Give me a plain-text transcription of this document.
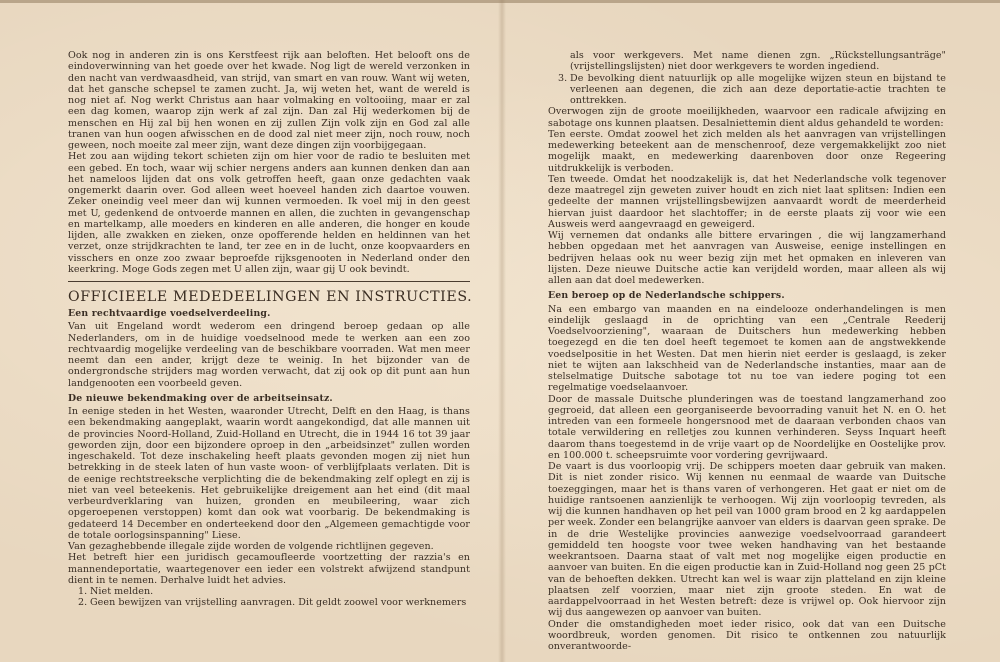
Ook nog in anderen zin is ons Kerstfeest rijk aan beloften. Het belooft ons de eindoverwinning van het goede over het kwade. Nog ligt de wereld verzonken in den nacht van verdwaasdheid, van strijd, van smart en van rouw. Want wij weten, dat het gansche schepsel te zamen zucht. Ja, wij weten het, want de wereld is nog niet af. Nog werkt Christus aan haar volmaking en voltooiing, maar er zal een dag komen, waarop zijn werk af zal zijn. Dan zal Hij wederkomen bij de menschen en Hij zal bij hen wonen en zij zullen Zijn volk zijn en God zal alle tranen van hun oogen afwisschen en de dood zal niet meer zijn, noch rouw, noch geween, noch moeite zal meer zijn, want deze dingen zijn voorbijgegaan.

Het zou aan wijding tekort schieten zijn om hier voor de radio te besluiten met een gebed. En toch, waar wij schier nergens anders aan kunnen denken dan aan het nameloos lijden dat ons volk getroffen heeft, gaan onze gedachten vaak ongemerkt daarin over. God alleen weet hoeveel handen zich daartoe vouwen. Zeker oneindig veel meer dan wij kunnen vermoeden. Ik voel mij in den geest met U, gedenkend de ontvoerde mannen en allen, die zuchten in gevangenschap en martelkamp, alle moeders en kinderen en alle anderen, die honger en koude lijden, alle zwakken en zieken, onze opofferende helden en heldinnen van het verzet, onze strijdkrachten te land, ter zee en in de lucht, onze koopvaarders en visschers en onze zoo zwaar beproefde rijksgenooten in Nederland onder den keerkring. Moge Gods zegen met U allen zijn, waar gij U ook bevindt.

OFFICIEELE MEDEDEELINGEN EN INSTRUCTIES.
Een rechtvaardige voedselverdeeling.

Van uit Engeland wordt wederom een dringend beroep gedaan op alle Nederlanders, om in de huidige voedselnood mede te werken aan een zoo rechtvaardig mogelijke verdeeling van de beschikbare voorraden. Wat men meer neemt dan een ander, krijgt deze te weinig. In het bijzonder van de ondergrondsche strijders mag worden verwacht, dat zij ook op dit punt aan hun landgenooten een voorbeeld geven.

De nieuwe bekendmaking over de arbeitseinsatz.

In eenige steden in het Westen, waaronder Utrecht, Delft en den Haag, is thans een bekendmaking aangeplakt, waarin wordt aangekondigd, dat alle mannen uit de provincies Noord-Holland, Zuid-Holland en Utrecht, die in 1944 16 tot 39 jaar geworden zijn, door een bijzondere oproep in den „arbeidsinzet" zullen worden ingeschakeld. Tot deze inschakeling heeft plaats gevonden mogen zij niet hun betrekking in de steek laten of hun vaste woon- of verblijfplaats verlaten. Dit is de eenige rechtstreeksche verplichting die de bekendmaking zelf oplegt en zij is niet van veel beteekenis. Het gebruikelijke dreigement aan het eind (dit maal verbeurdverklaring van huizen, gronden en meubileering, waar zich opgeroepenen verstoppen) komt dan ook wat voorbarig. De bekendmaking is gedateerd 14 December en onderteekend door den „Algemeen gemachtigde voor de totale oorlogsinspanning" Liese.

Van gezaghebbende illegale zijde worden de volgende richtlijnen gegeven.

Het betreft hier een juridisch gecamoufleerde voortzetting der razzia's en mannendeportatie, waartegenover een ieder een volstrekt afwijzend standpunt dient in te nemen. Derhalve luidt het advies.

1. Niet melden.
2. Geen bewijzen van vrijstelling aanvragen. Dit geldt zoowel voor werknemers

als voor werkgevers. Met name dienen zgn. „Rückstellungsanträge" (vrijstellingslijsten) niet door werkgevers te worden ingediend.

3. De bevolking dient natuurlijk op alle mogelijke wijzen steun en bijstand te verleenen aan degenen, die zich aan deze deportatie-actie trachten te onttrekken.

Overwogen zijn de groote moeilijkheden, waarvoor een radicale afwijzing en sabotage ons kunnen plaatsen. Desalniettemin dient aldus gehandeld te worden:

Ten eerste. Omdat zoowel het zich melden als het aanvragen van vrijstellingen medewerking beteekent aan de menschenroof, deze vergemakkelijkt zoo niet mogelijk maakt, en medewerking daarenboven door onze Regeering uitdrukkelijk is verboden.

Ten tweede. Omdat het noodzakelijk is, dat het Nederlandsche volk tegenover deze maatregel zijn geweten zuiver houdt en zich niet laat splitsen: Indien een gedeelte der mannen vrijstellingsbewijzen aanvaardt wordt de meerderheid hiervan juist daardoor het slachtoffer; in de eerste plaats zij voor wie een Ausweis werd aangevraagd en geweigerd.

Wij vernemen dat ondanks alle bittere ervaringen , die wij langzamerhand hebben opgedaan met het aanvragen van Ausweise, eenige instellingen en bedrijven helaas ook nu weer bezig zijn met het opmaken en inleveren van lijsten. Deze nieuwe Duitsche actie kan verijdeld worden, maar alleen als wij allen aan dat doel medewerken.

Een beroep op de Nederlandsche schippers.

Na een embargo van maanden en na eindelooze onderhandelingen is men eindelijk geslaagd in de oprichting van een „Centrale Reederij Voedselvoorziening", waaraan de Duitschers hun medewerking hebben toegezegd en die ten doel heeft tegemoet te komen aan de angstwekkende voedselpositie in het Westen. Dat men hierin niet eerder is geslaagd, is zeker niet te wijten aan lakschheid van de Nederlandsche instanties, maar aan de stelselmatige Duitsche sabotage tot nu toe van iedere poging tot een regelmatige voedselaanvoer.

Door de massale Duitsche plunderingen was de toestand langzamerhand zoo gegroeid, dat alleen een georganiseerde bevoorrading vanuit het N. en O. het intreden van een formeele hongersnood met de daaraan verbonden chaos van totale verwildering en relletjes zou kunnen verhinderen. Seyss Inquart heeft daarom thans toegestemd in de vrije vaart op de Noordelijke en Oostelijke prov. en 100.000 t. scheepsruimte voor vordering gevrijwaard.

De vaart is dus voorloopig vrij. De schippers moeten daar gebruik van maken. Dit is niet zonder risico. Wij kennen nu eenmaal de waarde van Duitsche toezeggingen, maar het is thans varen of verhongeren. Het gaat er niet om de huidige rantsoenen aanzienlijk te verhoogen. Wij zijn voorloopig tevreden, als wij die kunnen handhaven op het peil van 1000 gram brood en 2 kg aardappelen per week. Zonder een belangrijke aanvoer van elders is daarvan geen sprake. De in de drie Westelijke provincies aanwezige voedselvoorraad garandeert gemiddeld ten hoogste voor twee weken handhaving van het bestaande weekrantsoen. Daarna staat of valt met nog mogelijke eigen productie en aanvoer van buiten. En die eigen productie kan in Zuid-Holland nog geen 25 pCt van de behoeften dekken. Utrecht kan wel is waar zijn platteland en zijn kleine plaatsen zelf voorzien, maar niet zijn groote steden. En wat de aardappelvoorraad in het Westen betreft: deze is vrijwel op. Ook hiervoor zijn wij dus aangewezen op aanvoer van buiten.

Onder die omstandigheden moet ieder risico, ook dat van een Duitsche woordbreuk, worden genomen. Dit risico te ontkennen zou natuurlijk onverantwoorde-
